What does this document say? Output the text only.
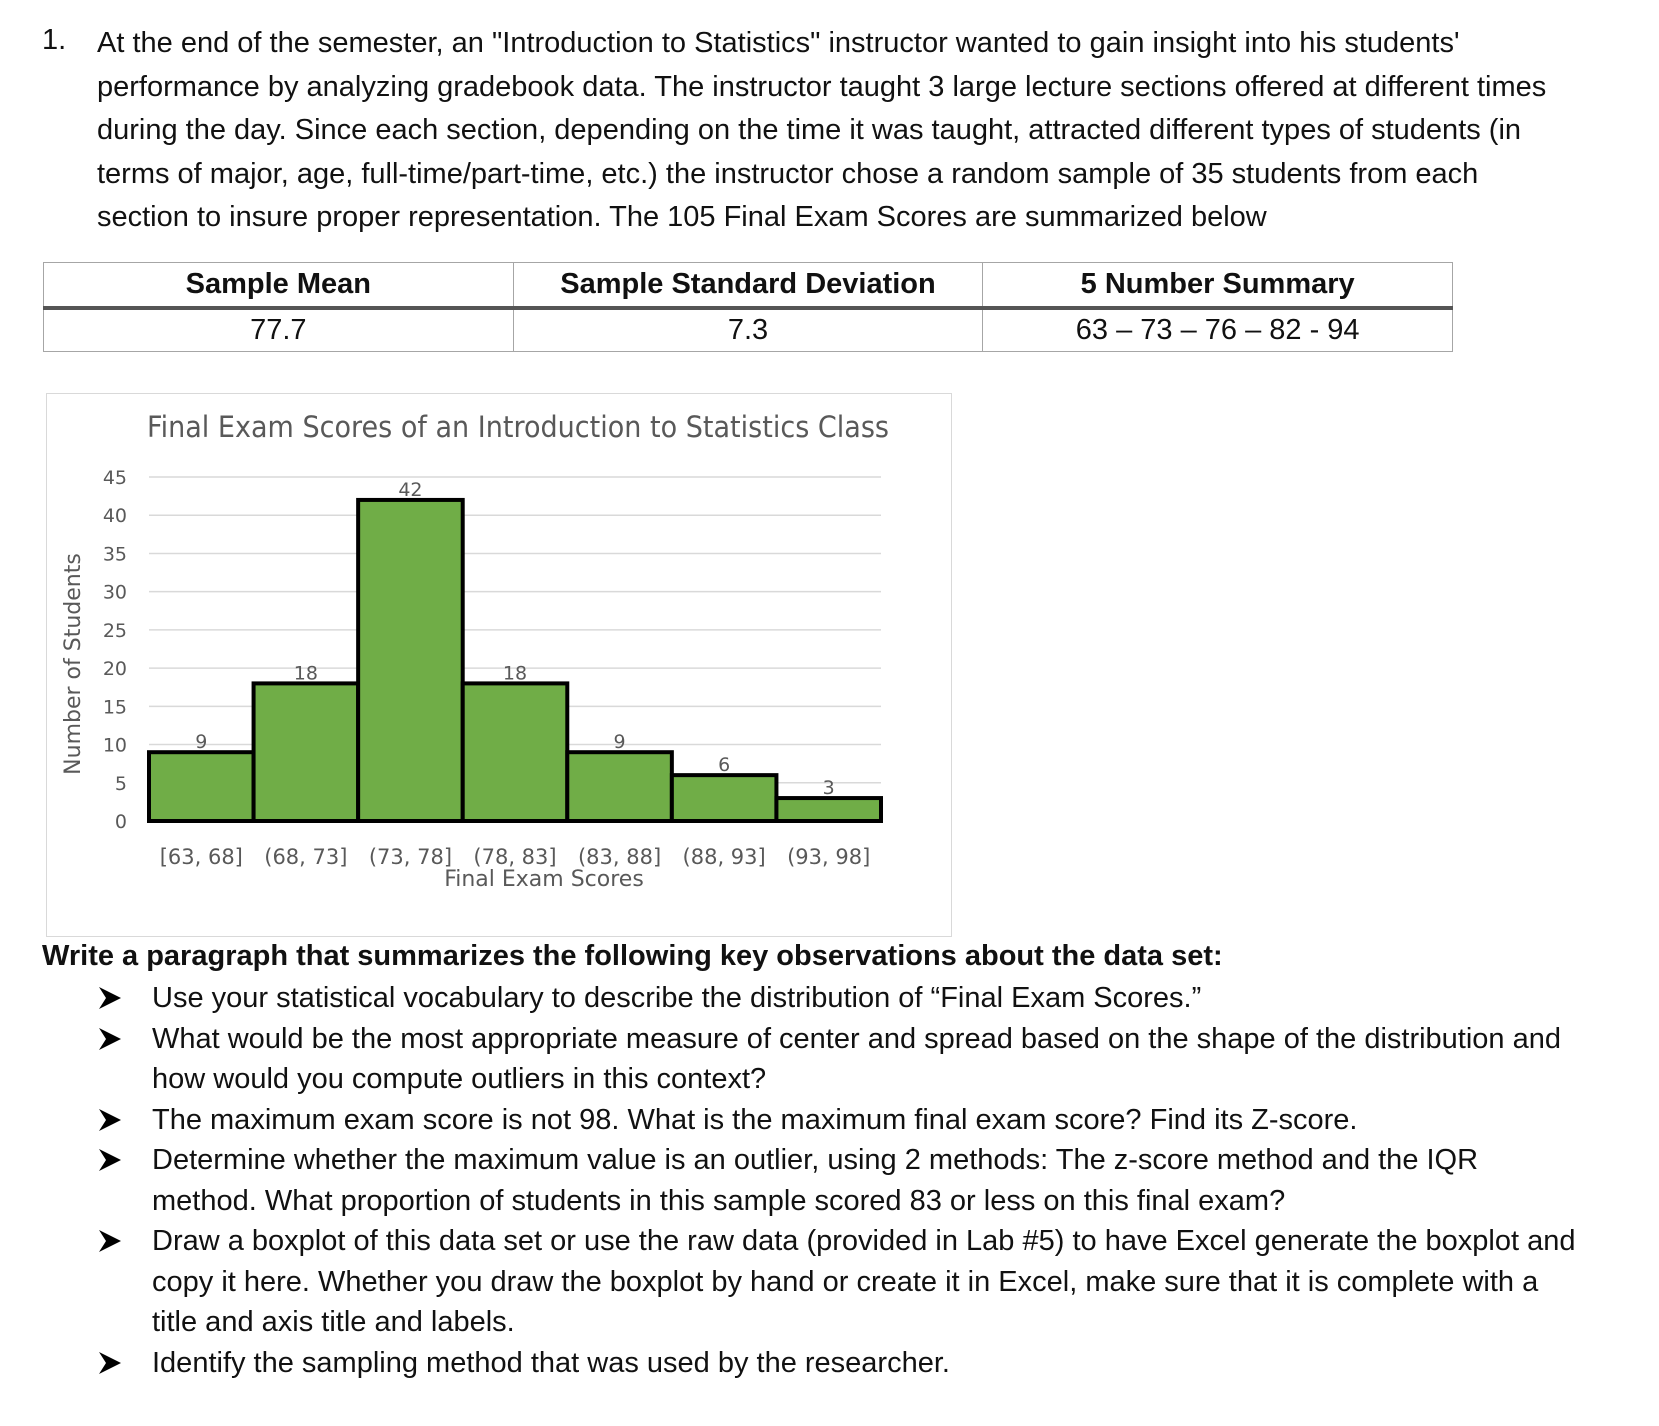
1. At the end of the semester, an "Introduction to Statistics" instructor wanted to gain insight into his students'
performance by analyzing gradebook data. The instructor taught 3 large lecture sections offered at different times
during the day. Since each section, depending on the time it was taught, attracted different types of students (in
terms of major, age, full-time/part-time, etc.) the instructor chose a random sample of 35 students from each
section to insure proper representation. The 105 Final Exam Scores are summarized below

Sample Mean	Sample Standard Deviation	5 Number Summary
77.7	7.3	63 – 73 – 76 – 82 - 94
9
18
42
18
9
6
3
0
5
10
15
20
25
30
35
40
45
[63, 68] (68, 73] (73, 78] (78, 83] (83, 88] (88, 93] (93, 98]
Final Exam Scores of an Introduction to Statistics Class
Final Exam Scores
Number of Students
Write a paragraph that summarizes the following key observations about the data set:
Use your statistical vocabulary to describe the distribution of “Final Exam Scores.”
What would be the most appropriate measure of center and spread based on the shape of the distribution and
how would you compute outliers in this context?
The maximum exam score is not 98. What is the maximum final exam score? Find its Z-score.
Determine whether the maximum value is an outlier, using 2 methods: The z-score method and the IQR
method. What proportion of students in this sample scored 83 or less on this final exam?
Draw a boxplot of this data set or use the raw data (provided in Lab #5) to have Excel generate the boxplot and
copy it here. Whether you draw the boxplot by hand or create it in Excel, make sure that it is complete with a
title and axis title and labels.
Identify the sampling method that was used by the researcher.
